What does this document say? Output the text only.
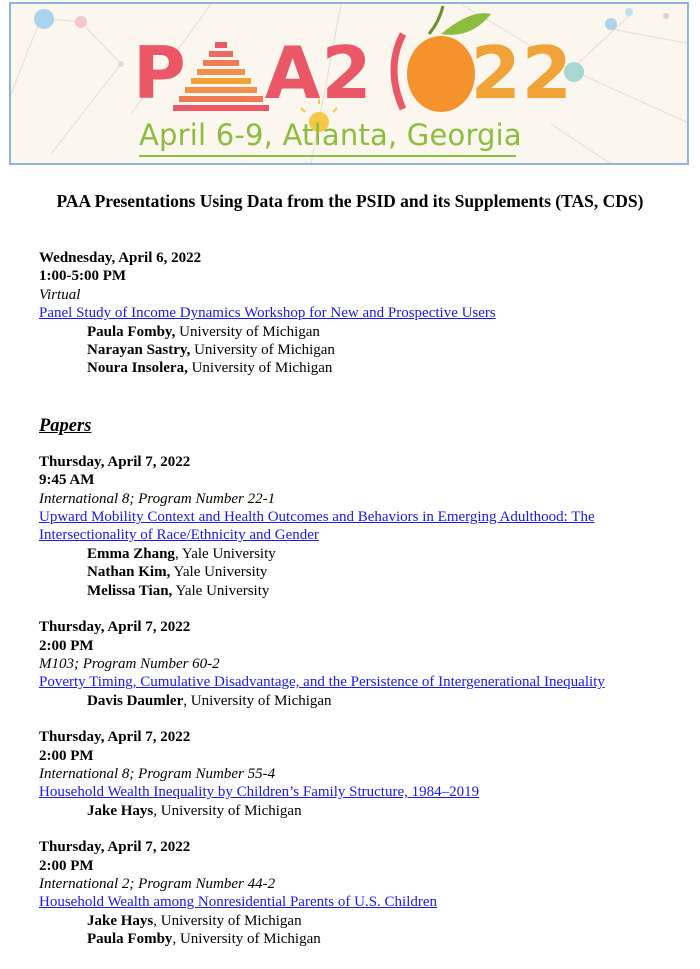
P A2 22
April 6-9, Atlanta, Georgia
PAA Presentations Using Data from the PSID and its Supplements (TAS, CDS)
Wednesday, April 6, 2022
1:00-5:00 PM
Virtual
Panel Study of Income Dynamics Workshop for New and Prospective Users
Paula Fomby, University of Michigan
Narayan Sastry, University of Michigan
Noura Insolera, University of Michigan
Papers
Thursday, April 7, 2022
9:45 AM
International 8; Program Number 22-1
Upward Mobility Context and Health Outcomes and Behaviors in Emerging Adulthood: The
Intersectionality of Race/Ethnicity and Gender
Emma Zhang, Yale University
Nathan Kim, Yale University
Melissa Tian, Yale University
Thursday, April 7, 2022
2:00 PM
M103; Program Number 60-2
Poverty Timing, Cumulative Disadvantage, and the Persistence of Intergenerational Inequality
Davis Daumler, University of Michigan
Thursday, April 7, 2022
2:00 PM
International 8; Program Number 55-4
Household Wealth Inequality by Children’s Family Structure, 1984–2019
Jake Hays, University of Michigan
Thursday, April 7, 2022
2:00 PM
International 2; Program Number 44-2
Household Wealth among Nonresidential Parents of U.S. Children
Jake Hays, University of Michigan
Paula Fomby, University of Michigan
